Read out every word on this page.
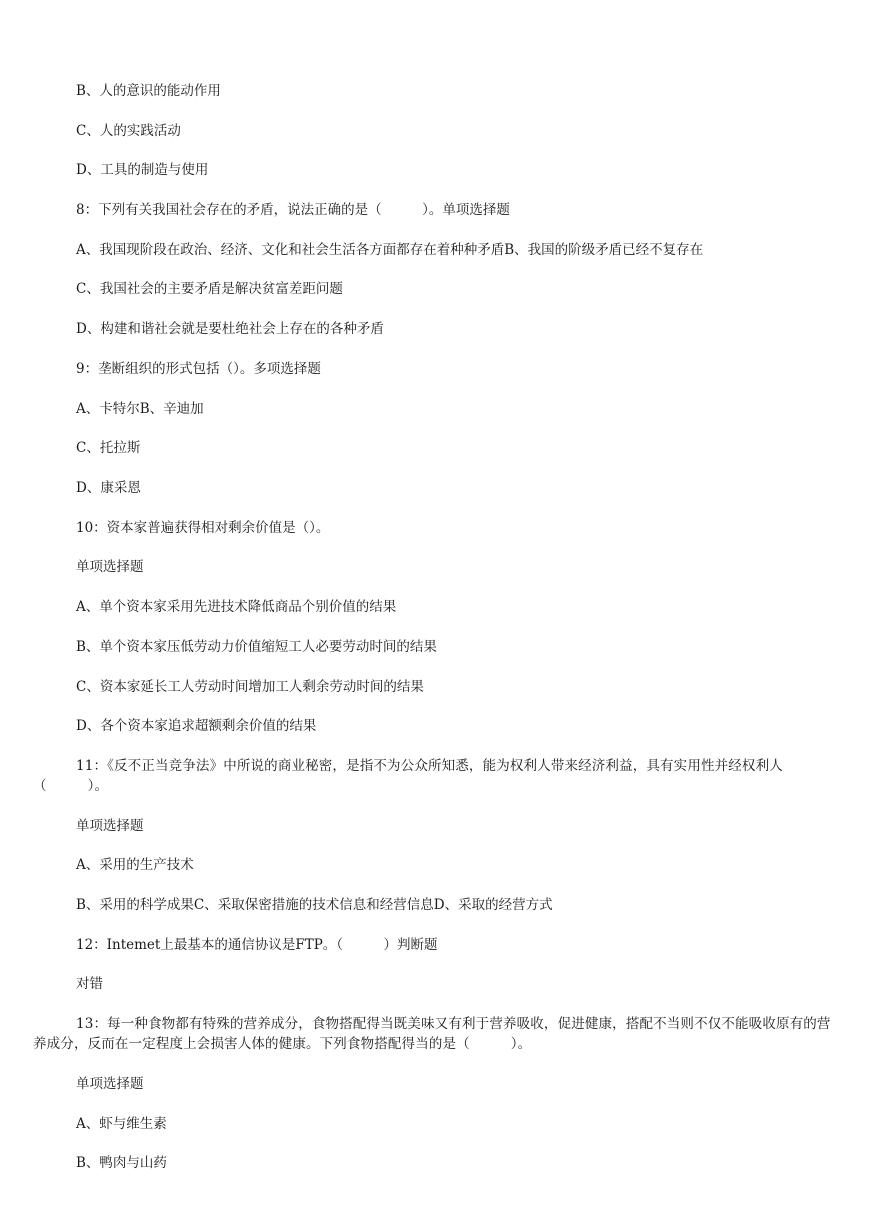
B、人的意识的能动作用
C、人的实践活动
D、工具的制造与使用
8：下列有关我国社会存在的矛盾，说法正确的是（　　　）。单项选择题
A、我国现阶段在政治、经济、文化和社会生活各方面都存在着种种矛盾B、我国的阶级矛盾已经不复存在
C、我国社会的主要矛盾是解决贫富差距问题
D、构建和谐社会就是要杜绝社会上存在的各种矛盾
9：垄断组织的形式包括（）。多项选择题
A、卡特尔B、辛迪加
C、托拉斯
D、康采恩
10：资本家普遍获得相对剩余价值是（）。
单项选择题
A、单个资本家采用先进技术降低商品个别价值的结果
B、单个资本家压低劳动力价值缩短工人必要劳动时间的结果
C、资本家延长工人劳动时间增加工人剩余劳动时间的结果
D、各个资本家追求超额剩余价值的结果
11：《反不正当竞争法》中所说的商业秘密，是指不为公众所知悉，能为权利人带来经济利益，具有实用性并经权利人（　　　）。
单项选择题
A、采用的生产技术
B、采用的科学成果C、采取保密措施的技术信息和经营信息D、采取的经营方式
12：Intemet上最基本的通信协议是FTP。（　　　）判断题
对错
13：每一种食物都有特殊的营养成分，食物搭配得当既美味又有利于营养吸收，促进健康，搭配不当则不仅不能吸收原有的营养成分，反而在一定程度上会损害人体的健康。下列食物搭配得当的是（　　　）。
单项选择题
A、虾与维生素
B、鸭肉与山药
